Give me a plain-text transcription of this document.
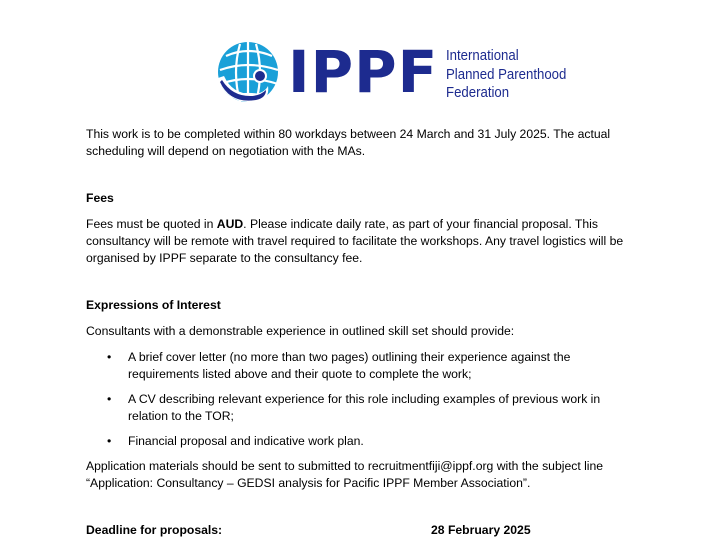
IPPF International
Planned Parenthood
Federation

This work is to be completed within 80 workdays between 24 March and 31 July 2025. The actual scheduling will depend on negotiation with the MAs.

Fees

Fees must be quoted in AUD. Please indicate daily rate, as part of your financial proposal. This consultancy will be remote with travel required to facilitate the workshops. Any travel logistics will be organised by IPPF separate to the consultancy fee.

Expressions of Interest

Consultants with a demonstrable experience in outlined skill set should provide:

• A brief cover letter (no more than two pages) outlining their experience against the requirements listed above and their quote to complete the work;
• A CV describing relevant experience for this role including examples of previous work in relation to the TOR;
• Financial proposal and indicative work plan.

Application materials should be sent to submitted to recruitmentfiji@ippf.org with the subject line “Application: Consultancy – GEDSI analysis for Pacific IPPF Member Association”.

Deadline for proposals:	28 February 2025
